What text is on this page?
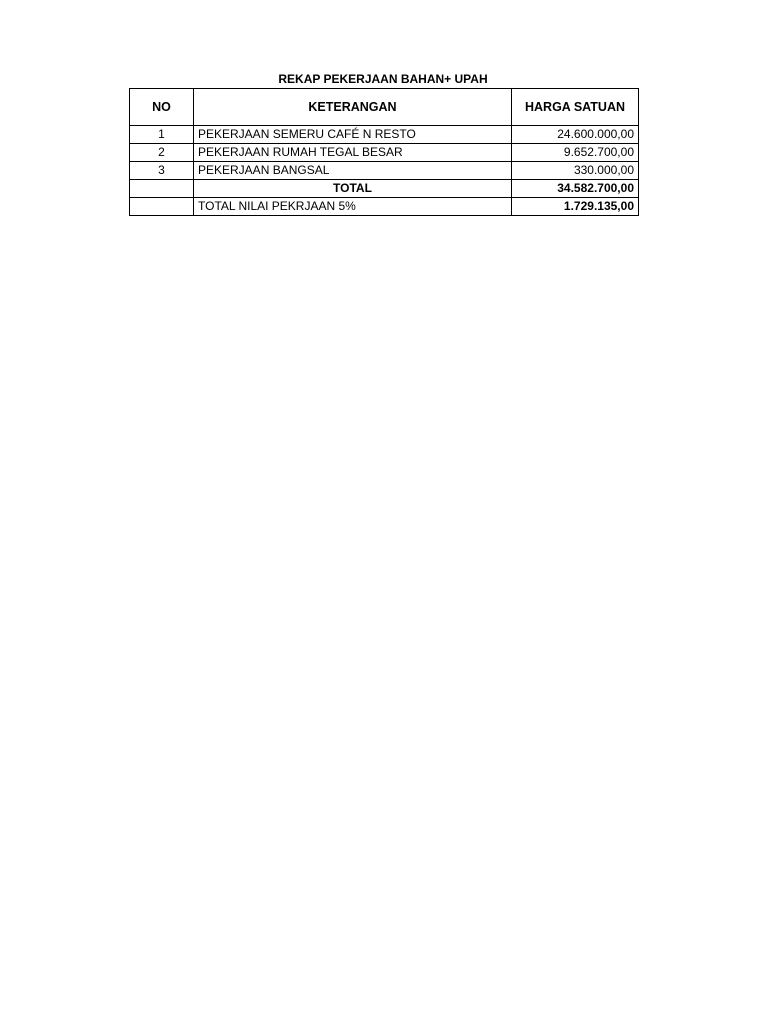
REKAP PEKERJAAN BAHAN+ UPAH
NO	KETERANGAN	HARGA SATUAN
1	PEKERJAAN SEMERU CAFÉ N RESTO	24.600.000,00
2	PEKERJAAN RUMAH TEGAL BESAR	9.652.700,00
3	PEKERJAAN BANGSAL	330.000,00
	TOTAL	34.582.700,00
	TOTAL NILAI PEKRJAAN 5%	1.729.135,00
